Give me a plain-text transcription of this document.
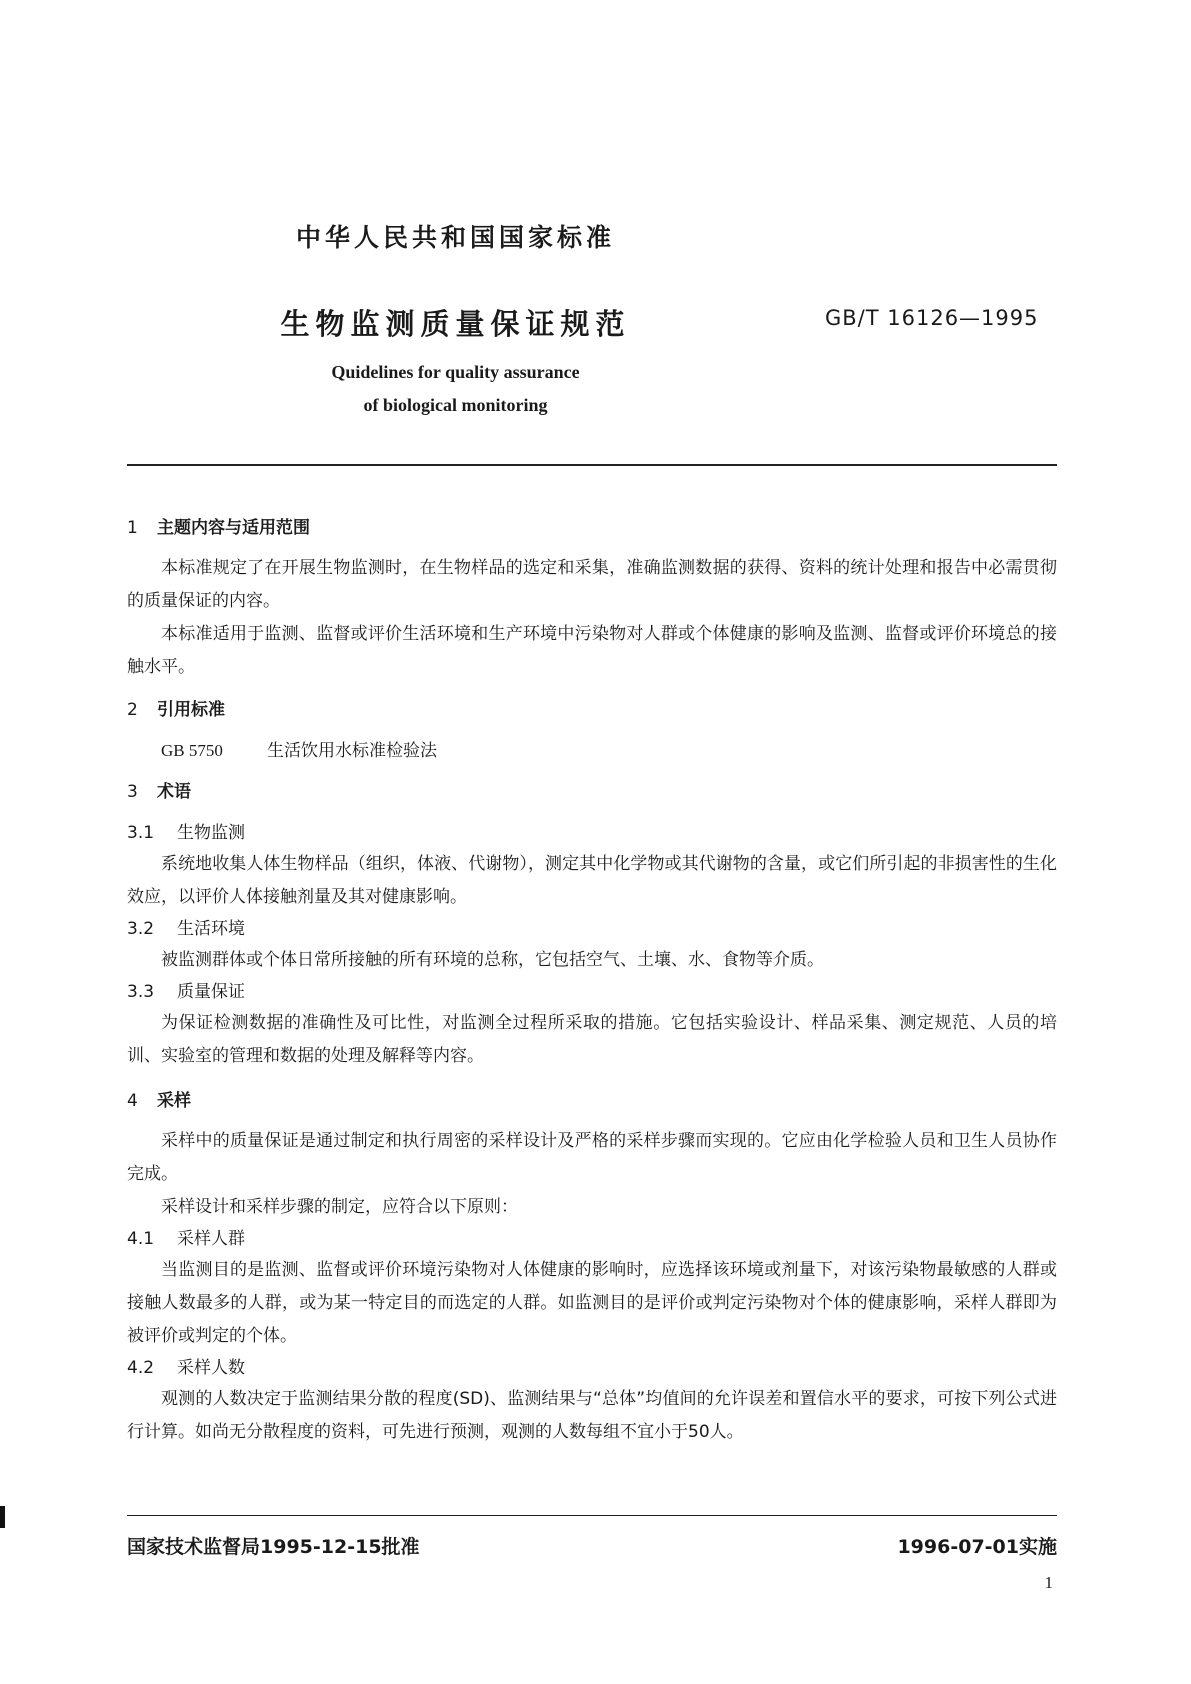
中华人民共和国国家标准
生物监测质量保证规范	GB/T 16126—1995
Quidelines for quality assurance
of biological monitoring
1 主题内容与适用范围

本标准规定了在开展生物监测时，在生物样品的选定和采集，准确监测数据的获得、资料的统计处理和报告中必需贯彻的质量保证的内容。

本标准适用于监测、监督或评价生活环境和生产环境中污染物对人群或个体健康的影响及监测、监督或评价环境总的接触水平。

2 引用标准

GB 5750	生活饮用水标准检验法

3 术语
3.1 生物监测

系统地收集人体生物样品（组织，体液、代谢物），测定其中化学物或其代谢物的含量，或它们所引起的非损害性的生化效应，以评价人体接触剂量及其对健康影响。

3.2 生活环境

被监测群体或个体日常所接触的所有环境的总称，它包括空气、土壤、水、食物等介质。

3.3 质量保证

为保证检测数据的准确性及可比性，对监测全过程所采取的措施。它包括实验设计、样品采集、测定规范、人员的培训、实验室的管理和数据的处理及解释等内容。

4 采样

采样中的质量保证是通过制定和执行周密的采样设计及严格的采样步骤而实现的。它应由化学检验人员和卫生人员协作完成。

采样设计和采样步骤的制定，应符合以下原则：

4.1 采样人群

当监测目的是监测、监督或评价环境污染物对人体健康的影响时，应选择该环境或剂量下，对该污染物最敏感的人群或接触人数最多的人群，或为某一特定目的而选定的人群。如监测目的是评价或判定污染物对个体的健康影响，采样人群即为被评价或判定的个体。

4.2 采样人数

观测的人数决定于监测结果分散的程度(SD)、监测结果与“总体”均值间的允许误差和置信水平的要求，可按下列公式进行计算。如尚无分散程度的资料，可先进行预测，观测的人数每组不宜小于50人。

国家技术监督局1995-12-15批准	1996-07-01实施
1
